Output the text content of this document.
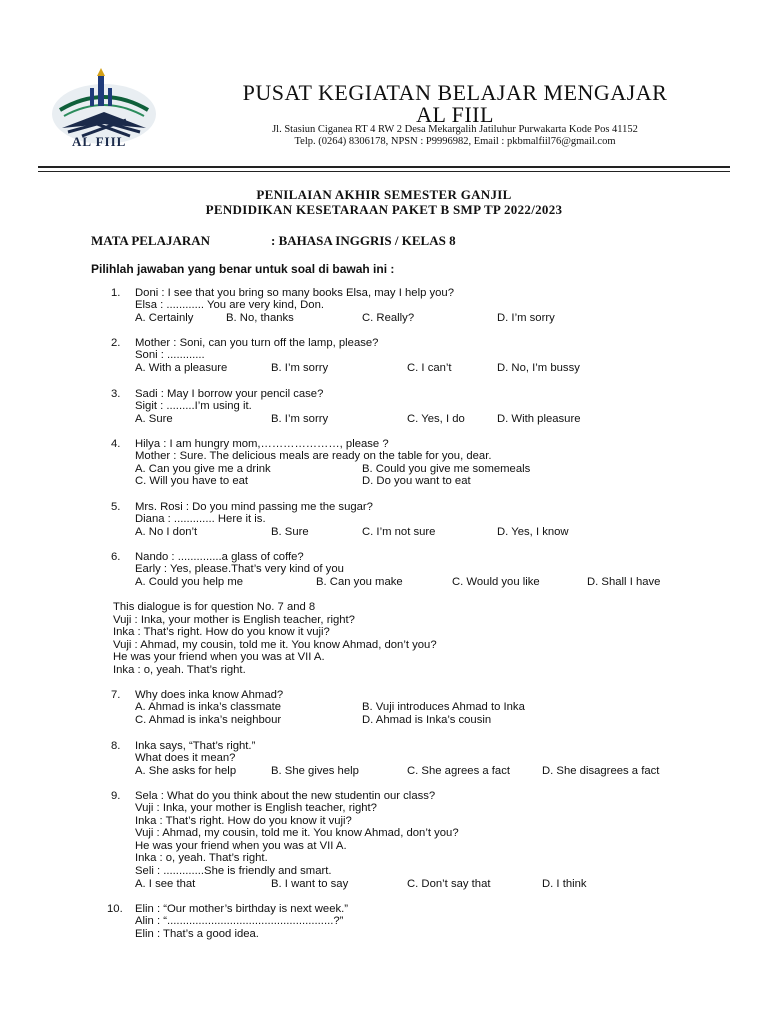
AL FIIL
PUSAT KEGIATAN BELAJAR MENGAJAR
AL FIIL
Jl. Stasiun Ciganea RT 4 RW 2 Desa Mekargalih Jatiluhur Purwakarta Kode Pos 41152
Telp. (0264) 8306178, NPSN : P9996982, Email : pkbmalfiil76@gmail.com
PENILAIAN AKHIR SEMESTER GANJIL
PENDIDIKAN KESETARAAN PAKET B SMP TP 2022/2023
MATA PELAJARAN	: BAHASA INGGRIS / KELAS 8
Pilihlah jawaban yang benar untuk soal di bawah ini :
1. Doni : I see that you bring so many books Elsa, may I help you?
Elsa : ............ You are very kind, Don.
A. Certainly	B. No, thanks	C. Really?	D. I’m sorry
2. Mother : Soni, can you turn off the lamp, please?
Soni : ............
A. With a pleasure	B. I’m sorry	C. I can’t	D. No, I’m bussy
3. Sadi : May I borrow your pencil case?
Sigit : .........I’m using it.
A. Sure	B. I’m sorry	C. Yes, I do	D. With pleasure
4. Hilya : I am hungry mom,…………………, please ?
Mother : Sure. The delicious meals are ready on the table for you, dear.
A. Can you give me a drink	B. Could you give me somemeals
C. Will you have to eat	D. Do you want to eat
5. Mrs. Rosi : Do you mind passing me the sugar?
Diana : ............. Here it is.
A. No I don’t	B. Sure	C. I’m not sure	D. Yes, I know
6. Nando : ..............a glass of coffe?
Early : Yes, please.That’s very kind of you
A. Could you help me	B. Can you make	C. Would you like	D. Shall I have
This dialogue is for question No. 7 and 8
Vuji : Inka, your mother is English teacher, right?
Inka : That’s right. How do you know it vuji?
Vuji : Ahmad, my cousin, told me it. You know Ahmad, don’t you?
He was your friend when you was at VII A.
Inka : o, yeah. That’s right.
7. Why does inka know Ahmad?
A. Ahmad is inka’s classmate	B. Vuji introduces Ahmad to Inka
C. Ahmad is inka’s neighbour	D. Ahmad is Inka’s cousin
8. Inka says, “That’s right.”
What does it mean?
A. She asks for help	B. She gives help	C. She agrees a fact	D. She disagrees a fact
9. Sela : What do you think about the new studentin our class?
Vuji : Inka, your mother is English teacher, right?
Inka : That’s right. How do you know it vuji?
Vuji : Ahmad, my cousin, told me it. You know Ahmad, don’t you?
He was your friend when you was at VII A.
Inka : o, yeah. That’s right.
Seli : .............She is friendly and smart.
A. I see that	B. I want to say	C. Don’t say that	D. I think
10. Elin : “Our mother’s birthday is next week.”
Alin : “.....................................................?”
Elin : That’s a good idea.
